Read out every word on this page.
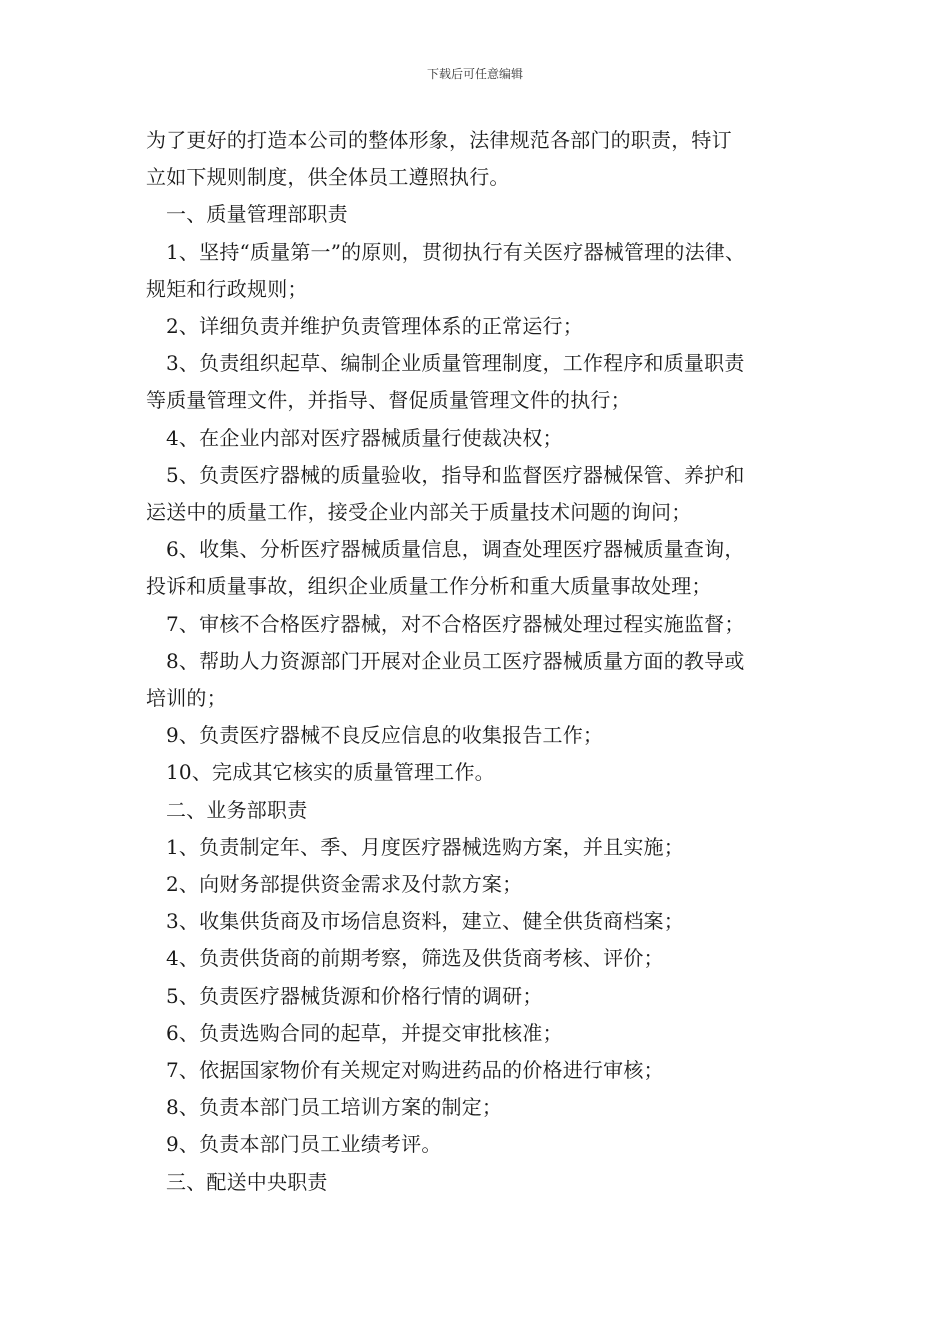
下载后可任意编辑
为了更好的打造本公司的整体形象，法律规范各部门的职责，特订
立如下规则制度，供全体员工遵照执行。
一、质量管理部职责
1、坚持“质量第一”的原则，贯彻执行有关医疗器械管理的法律、
规矩和行政规则；
2、详细负责并维护负责管理体系的正常运行；
3、负责组织起草、编制企业质量管理制度，工作程序和质量职责
等质量管理文件，并指导、督促质量管理文件的执行；
4、在企业内部对医疗器械质量行使裁决权；
5、负责医疗器械的质量验收，指导和监督医疗器械保管、养护和
运送中的质量工作，接受企业内部关于质量技术问题的询问；
6、收集、分析医疗器械质量信息，调查处理医疗器械质量查询，
投诉和质量事故，组织企业质量工作分析和重大质量事故处理；
7、审核不合格医疗器械，对不合格医疗器械处理过程实施监督；
8、帮助人力资源部门开展对企业员工医疗器械质量方面的教导或
培训的；
9、负责医疗器械不良反应信息的收集报告工作；
10、完成其它核实的质量管理工作。
二、业务部职责
1、负责制定年、季、月度医疗器械选购方案，并且实施；
2、向财务部提供资金需求及付款方案；
3、收集供货商及市场信息资料，建立、健全供货商档案；
4、负责供货商的前期考察，筛选及供货商考核、评价；
5、负责医疗器械货源和价格行情的调研；
6、负责选购合同的起草，并提交审批核准；
7、依据国家物价有关规定对购进药品的价格进行审核；
8、负责本部门员工培训方案的制定；
9、负责本部门员工业绩考评。
三、配送中央职责
